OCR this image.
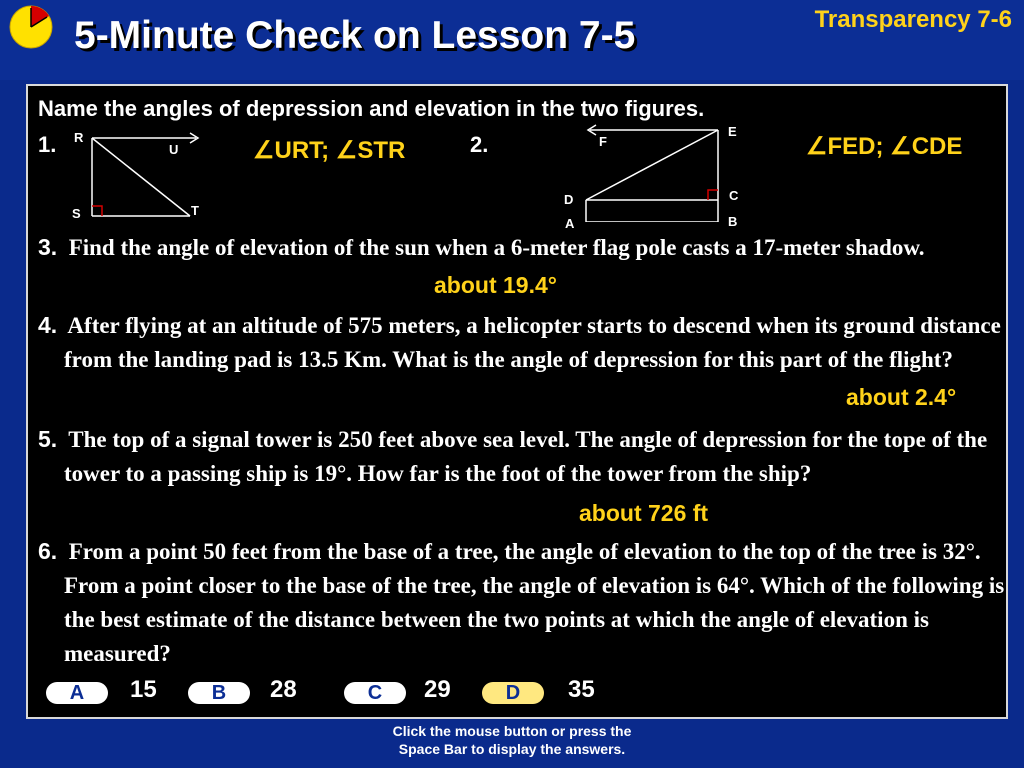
5-Minute Check on Lesson 7-5	Transparency 7-6
Name the angles of depression and elevation in the two figures.
1. R
U
S	T
∠URT; ∠STR	2.
E
F
D	C
A	B
∠FED; ∠CDE
3. Find the angle of elevation of the sun when a 6-meter flag pole casts a 17-meter shadow.
about 19.4°
4. After flying at an altitude of 575 meters, a helicopter starts to descend when its ground distance from the landing pad is 13.5 Km. What is the angle of depression for this part of the flight?
about 2.4°
5. The top of a signal tower is 250 feet above sea level. The angle of depression for the tope of the tower to a passing ship is 19°. How far is the foot of the tower from the ship?
about 726 ft
6. From a point 50 feet from the base of a tree, the angle of elevation to the top of the tree is 32°. From a point closer to the base of the tree, the angle of elevation is 64°. Which of the following is the best estimate of the distance between the two points at which the angle of elevation is measured?
A	15	B	28	C	29	D	35
Click the mouse button or press the
Space Bar to display the answers.
